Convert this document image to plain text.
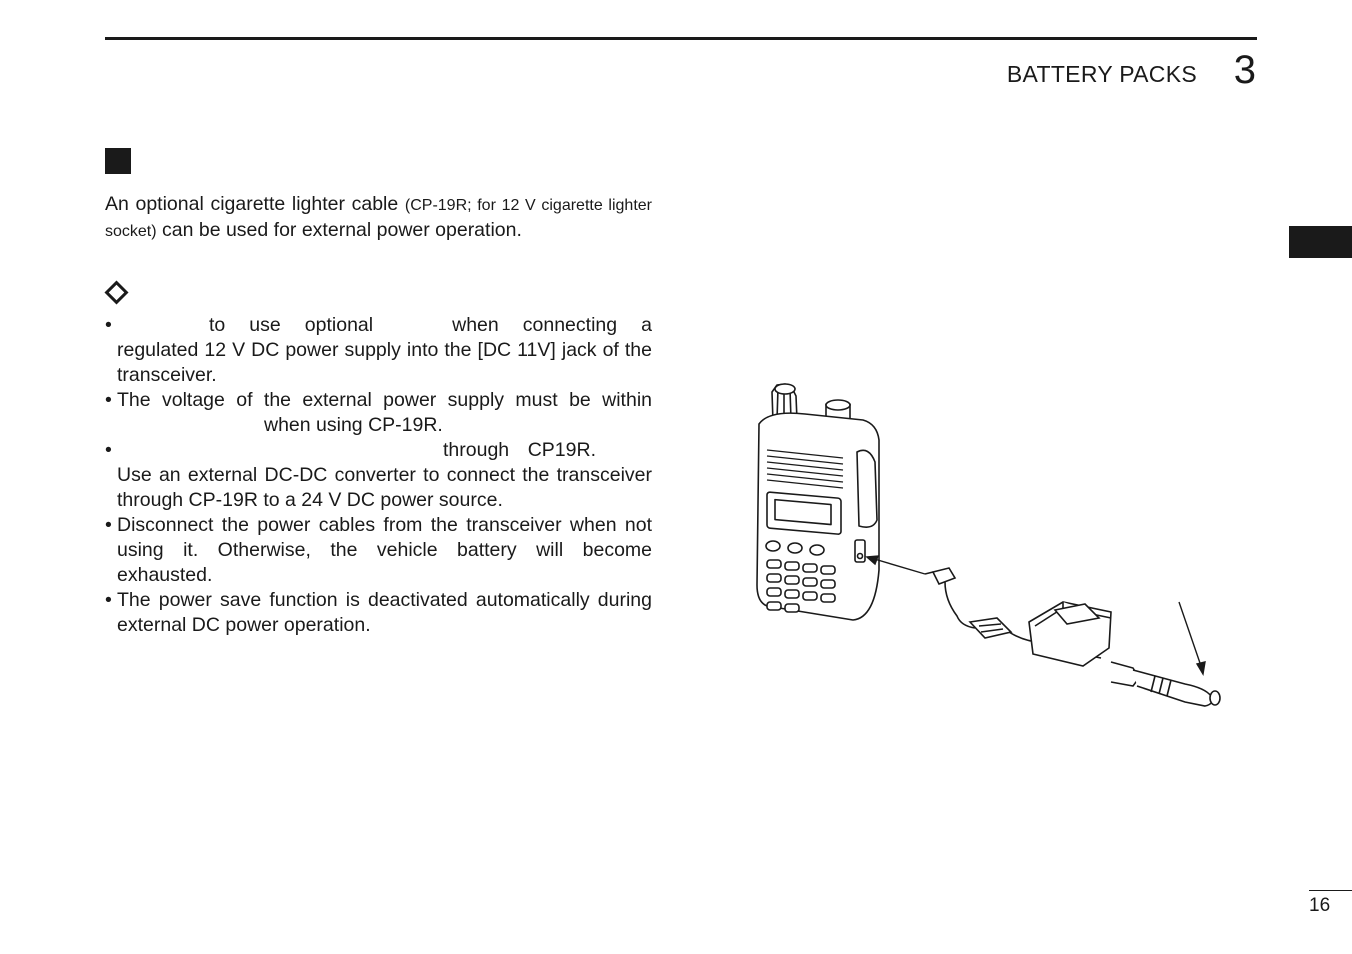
BATTERY PACKS 3
An optional cigarette lighter cable (CP-19R; for 12 V cigarette lighter socket) can be used for external power operation.
•	to use optional	when connecting a regulated 12 V DC power supply into the [DC 11V] jack of the transceiver.
• The voltage of the external power supply must be within when using CP-19R.
•	through CP19R. Use an external DC-DC converter to connect the transceiver through CP-19R to a 24 V DC power source.
• Disconnect the power cables from the transceiver when not using it. Otherwise, the vehicle battery will become exhausted.
• The power save function is deactivated automatically during external DC power operation.
16
